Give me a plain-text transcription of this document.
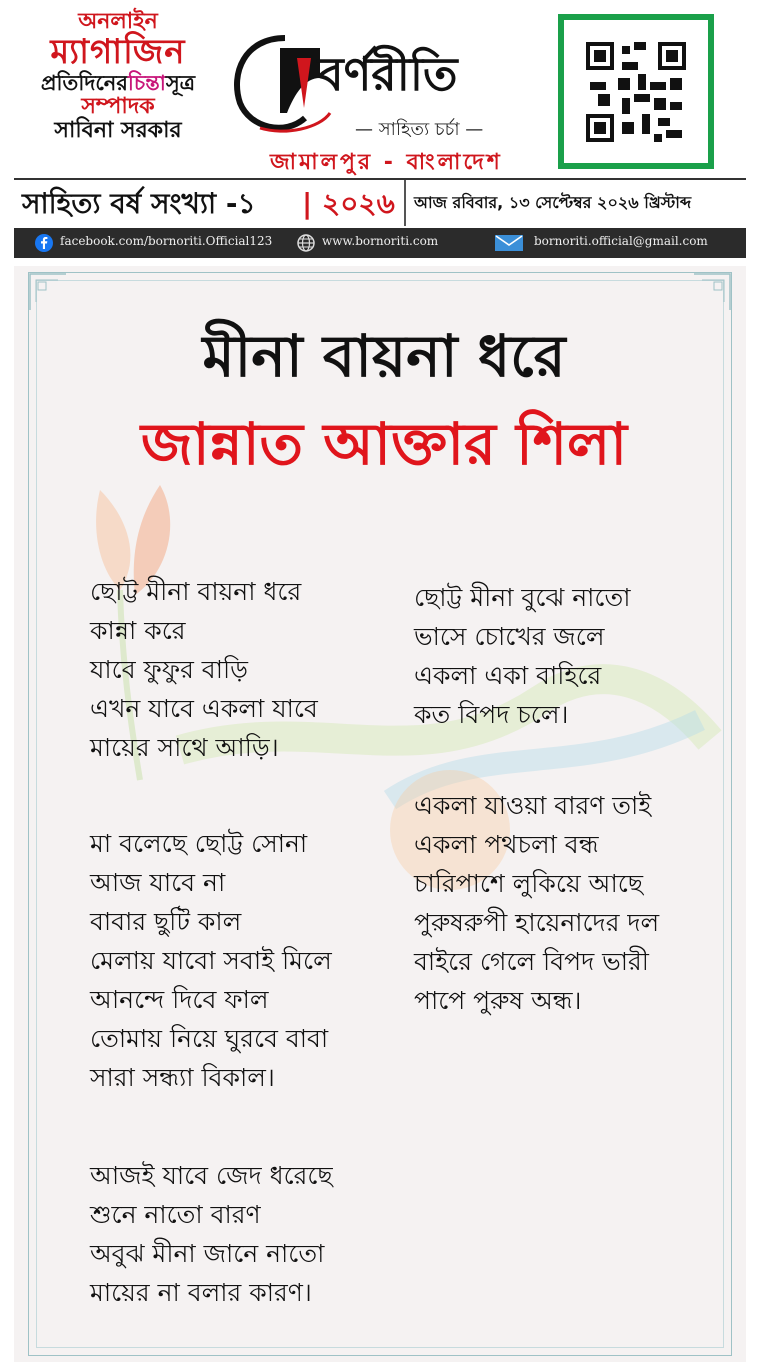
অনলাইন
ম্যাগাজিন
প্রতিদিনেরচিন্তাসূত্র
সম্পাদক
সাবিনা সরকার
বর্ণরীতি
— সাহিত্য চর্চা —
জামালপুর - বাংলাদেশ
সাহিত্য বর্ষ সংখ্যা -১ | ২০২৬ আজ রবিবার, ১৩ সেপ্টেম্বর ২০২৬ খ্রিস্টাব্দ
facebook.com/bornoriti.Official123	www.bornoriti.com	bornoriti.official@gmail.com
মীনা বায়না ধরে
জান্নাত আক্তার শিলা
ছোট্ট মীনা বায়না ধরে
কান্না করে
যাবে ফুফুর বাড়ি
এখন যাবে একলা যাবে
মায়ের সাথে আড়ি।
মা বলেছে ছোট্ট সোনা
আজ যাবে না
বাবার ছুটি কাল
মেলায় যাবো সবাই মিলে
আনন্দে দিবে ফাল
তোমায় নিয়ে ঘুরবে বাবা
সারা সন্ধ্যা বিকাল।
আজই যাবে জেদ ধরেছে
শুনে নাতো বারণ
অবুঝ মীনা জানে নাতো
মায়ের না বলার কারণ।
ছোট্ট মীনা বুঝে নাতো
ভাসে চোখের জলে
একলা একা বাহিরে
কত বিপদ চলে।
একলা যাওয়া বারণ তাই
একলা পথচলা বন্ধ
চারিপাশে লুকিয়ে আছে
পুরুষরুপী হায়েনাদের দল
বাইরে গেলে বিপদ ভারী
পাপে পুরুষ অন্ধ।
